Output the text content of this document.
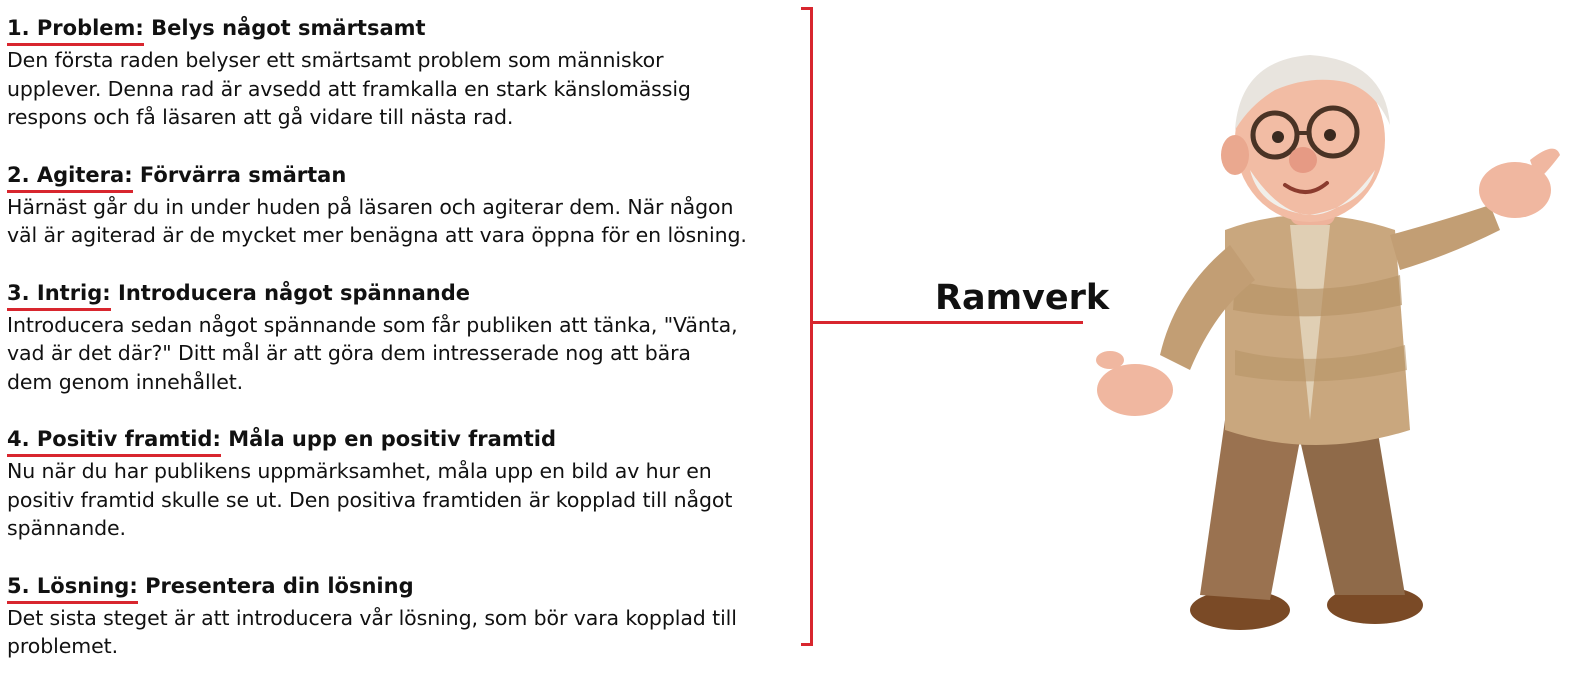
1. Problem: Belys något smärtsamt

Den första raden belyser ett smärtsamt problem som människor

upplever. Denna rad är avsedd att framkalla en stark känslomässig

respons och få läsaren att gå vidare till nästa rad.

2. Agitera: Förvärra smärtan

Härnäst går du in under huden på läsaren och agiterar dem. När någon

väl är agiterad är de mycket mer benägna att vara öppna för en lösning.

3. Intrig: Introducera något spännande

Introducera sedan något spännande som får publiken att tänka, "Vänta,

vad är det där?" Ditt mål är att göra dem intresserade nog att bära

dem genom innehållet.

4. Positiv framtid: Måla upp en positiv framtid

Nu när du har publikens uppmärksamhet, måla upp en bild av hur en

positiv framtid skulle se ut. Den positiva framtiden är kopplad till något

spännande.

5. Lösning: Presentera din lösning

Det sista steget är att introducera vår lösning, som bör vara kopplad till

problemet.

Ramverk
